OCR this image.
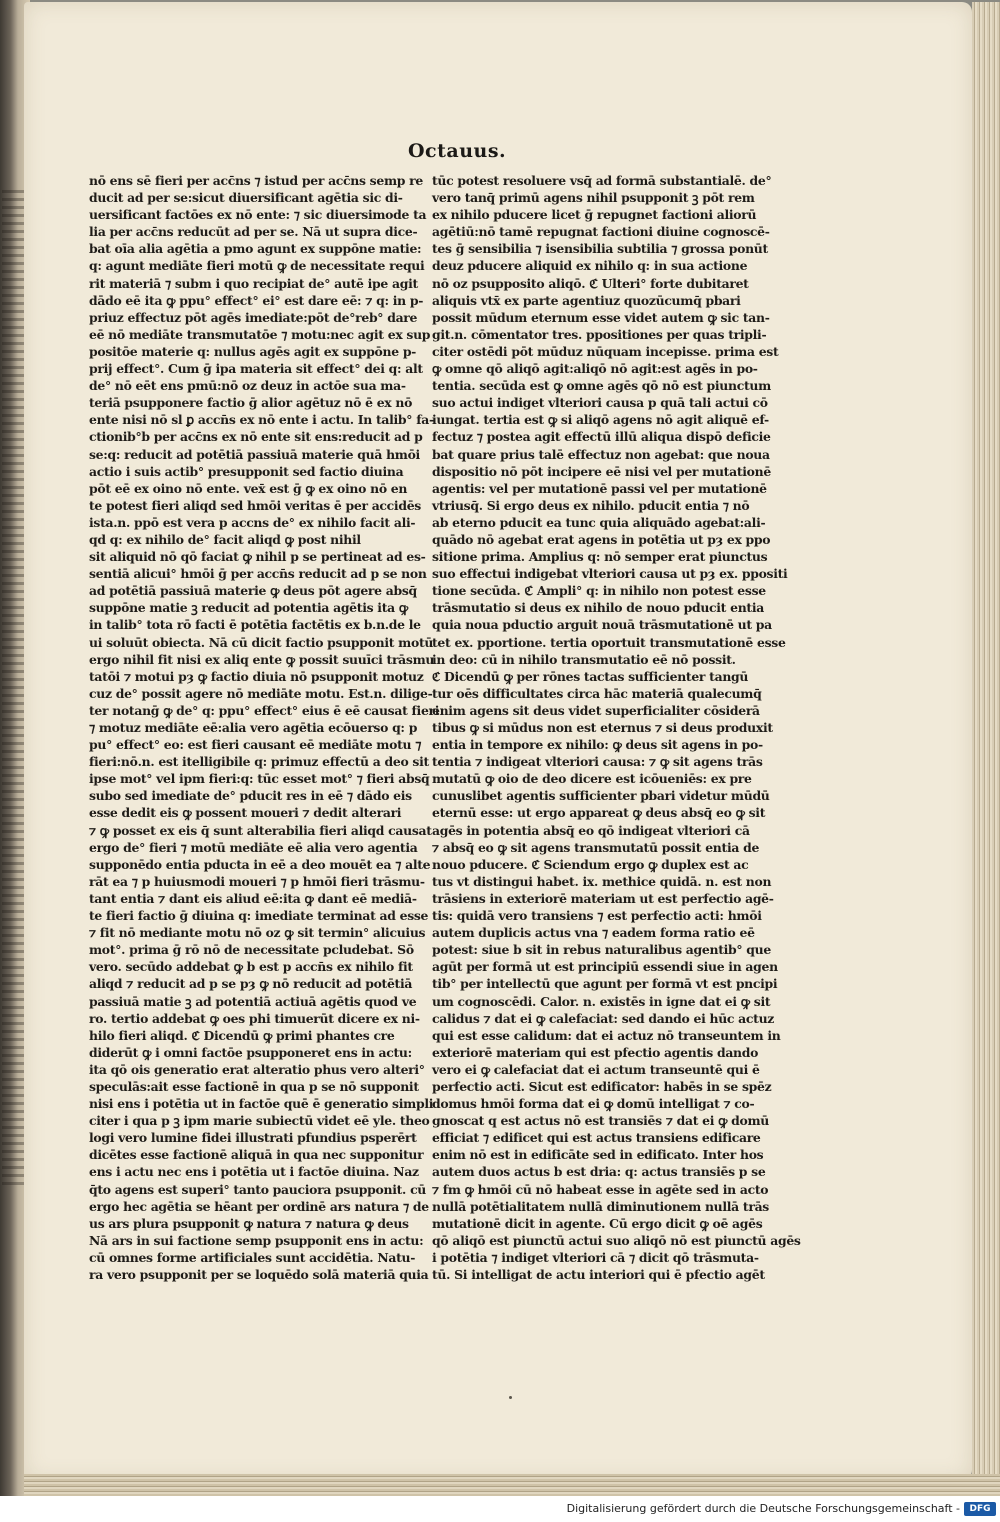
Octauus.
nō ens sē fieri per acc̄ns ⁊ istud per acc̄ns semp re
ducit ad per se:sicut diuersificant agētia sic di-
uersificant factōes ex nō ente: ⁊ sic diuersimode ta
lia per acc̄ns reducūt ad per se. Nā ut supra dice-
bat oīa alia agētia a pmo agunt ex suppōne matie:
q: agunt mediāte fieri motū ꝙ de necessitate requi
rit materiā ⁊ subm i quo recipiat de° autē ipe agit
dādo eē ita ꝙ ppu° effect° ei° est dare eē: ⁊ q: in p-
priuz effectuz pōt agēs imediate:pōt de°reb° dare
eē nō mediāte transmutatōe ⁊ motu:nec agit ex sup
positōe materie q: nullus agēs agit ex suppōne p-
prij effect°. Cum ḡ ipa materia sit effect° dei q: alt
de° nō eēt ens pmū:nō oz deuz in actōe sua ma-
teriā psupponere factio ḡ alior agētuz nō ē ex nō
ente nisi nō sl ꝑ accn̄s ex nō ente i actu. In talib° fa-
ctionib°b per acc̄ns ex nō ente sit ens:reducit ad p
se:q: reducit ad potētiā passiuā materie quā hmōi
actio i suis actib° presupponit sed factio diuina
pōt eē ex oino nō ente. vex̄ est ḡ ꝙ ex oino nō en
te potest fieri aliqd sed hmōi veritas ē per accidēs
ista.n. ppō est vera p accns de° ex nihilo facit ali-
qd q: ex nihilo de° facit aliqd ꝙ post nihil
sit aliquid nō qō faciat ꝙ nihil p se pertineat ad es-
sentiā alicui° hmōi ḡ per accn̄s reducit ad p se non
ad potētiā passiuā materie ꝙ deus pōt agere absq̄
suppōne matie ꝫ reducit ad potentia agētis ita ꝙ
in talib° tota rō facti ē potētia factētis ex b.n.de le
ui soluūt obiecta. Nā cū dicit factio psupponit motū
ergo nihil fit nisi ex aliq ente ꝙ possit suuīci trāsmu
tatōi ⁊ motui pȝ ꝙ factio diuia nō psupponit motuz
cuz de° possit agere nō mediāte motu. Est.n. dilige-
ter notanḡ ꝙ de° q: ppu° effect° eius ē eē causat fieri
⁊ motuz mediāte eē:alia vero agētia ecōuerso q: p
pu° effect° eo: est fieri causant eē mediāte motu ⁊
fieri:nō.n. est itelligibile q: primuz effectū a deo sit
ipse mot° vel ipm fieri:q: tūc esset mot° ⁊ fieri absq̄
subo sed imediate de° pducit res in eē ⁊ dādo eis
esse dedit eis ꝙ possent moueri ⁊ dedit alterari
⁊ ꝙ posset ex eis q̄ sunt alterabilia fieri aliqd causat
ergo de° fieri ⁊ motū mediāte eē alia vero agentia
supponēdo entia pducta in eē a deo mouēt ea ⁊ alte
rāt ea ⁊ p huiusmodi moueri ⁊ p hmōi fieri trāsmu-
tant entia ⁊ dant eis aliud eē:ita ꝙ dant eē mediā-
te fieri factio ḡ diuina q: imediate terminat ad esse
⁊ fit nō mediante motu nō oz ꝙ sit termin° alicuius
mot°. prima ḡ rō nō de necessitate pcludebat. Sō
vero. secūdo addebat ꝙ b est p accn̄s ex nihilo fit
aliqd ⁊ reducit ad p se pȝ ꝙ nō reducit ad potētiā
passiuā matie ꝫ ad potentiā actiuā agētis quod ve
ro. tertio addebat ꝙ oes phi timuerūt dicere ex ni-
hilo fieri aliqd. ℭ Dicendū ꝙ primi phantes cre
diderūt ꝙ i omni factōe psupponeret ens in actu:
ita qō ois generatio erat alteratio phus vero alteri°
speculās:ait esse factionē in qua p se nō supponit
nisi ens i potētia ut in factōe quē ē generatio simpli
citer i qua p ꝫ ipm marie subiectū videt eē yle. theo
logi vero lumine fidei illustrati pfundius psperērt
dicētes esse factionē aliquā in qua nec supponitur
ens i actu nec ens i potētia ut i factōe diuina. Naz
q̄to agens est superi° tanto pauciora psupponit. cū
ergo hec agētia se hēant per ordinē ars natura ⁊ de
us ars plura psupponit ꝙ natura ⁊ natura ꝙ deus
Nā ars in sui factione semp psupponit ens in actu:
cū omnes forme artificiales sunt accidētia. Natu-
ra vero psupponit per se loquēdo solā materiā quia
tūc potest resoluere vsq̄ ad formā substantialē. de°
vero tanq̄ primū agens nihil psupponit ꝫ pōt rem
ex nihilo pducere licet ḡ repugnet factioni aliorū
agētiū:nō tamē repugnat factioni diuine cognoscē-
tes ḡ sensibilia ⁊ isensibilia subtilia ⁊ grossa ponūt
deuz pducere aliquid ex nihilo q: in sua actione
nō oz psupposito aliqō. ℭ Ulteri° forte dubitaret
aliquis vtx̄ ex parte agentiuz quozūcumq̄ pbari
possit mūdum eternum esse videt autem ꝙ sic tan-
git.n. cōmentator tres. ppositiones per quas tripli-
citer ostēdi pōt mūduz nūquam incepisse. prima est
ꝙ omne qō aliqō agit:aliqō nō agit:est agēs in po-
tentia. secūda est ꝙ omne agēs qō nō est piunctum
suo actui indiget vlteriori causa p quā tali actui cō
iungat. tertia est ꝙ si aliqō agens nō agit aliquē ef-
fectuz ⁊ postea agit effectū illū aliqua dispō deficie
bat quare prius talē effectuz non agebat: que noua
dispositio nō pōt incipere eē nisi vel per mutationē
agentis: vel per mutationē passi vel per mutationē
vtriusq̄. Si ergo deus ex nihilo. pducit entia ⁊ nō
ab eterno pducit ea tunc quia aliquādo agebat:ali-
quādo nō agebat erat agens in potētia ut pȝ ex ppo
sitione prima. Amplius q: nō semper erat piunctus
suo effectui indigebat vlteriori causa ut pȝ ex. ppositi
tione secūda. ℭ Ampli° q: in nihilo non potest esse
trāsmutatio si deus ex nihilo de nouo pducit entia
quia noua pductio arguit nouā trāsmutationē ut pa
tet ex. pportione. tertia oportuit transmutationē esse
in deo: cū in nihilo transmutatio eē nō possit.
ℭ Dicendū ꝙ per rōnes tactas sufficienter tangū
tur oēs difficultates circa hāc materiā qualecumq̄
enim agens sit deus videt superficialiter cōsiderā
tibus ꝙ si mūdus non est eternus ⁊ si deus produxit
entia in tempore ex nihilo: ꝙ deus sit agens in po-
tentia ⁊ indigeat vlteriori causa: ⁊ ꝙ sit agens trās
mutatū ꝙ oio de deo dicere est icōueniēs: ex pre
cunuslibet agentis sufficienter pbari videtur mūdū
eternū esse: ut ergo appareat ꝙ deus absq̄ eo ꝙ sit
agēs in potentia absq̄ eo qō indigeat vlteriori cā
⁊ absq̄ eo ꝙ sit agens transmutatū possit entia de
nouo pducere. ℭ Sciendum ergo ꝙ duplex est ac
tus vt distingui habet. ix. methice quidā. n. est non
trāsiens in exteriorē materiam ut est perfectio agē-
tis: quidā vero transiens ⁊ est perfectio acti: hmōi
autem duplicis actus vna ⁊ eadem forma ratio eē
potest: siue b sit in rebus naturalibus agentib° que
agūt per formā ut est principiū essendi siue in agen
tib° per intellectū que agunt per formā vt est pncipi
um cognoscēdi. Calor. n. existēs in igne dat ei ꝙ sit
calidus ⁊ dat ei ꝙ calefaciat: sed dando ei hūc actuz
qui est esse calidum: dat ei actuz nō transeuntem in
exteriorē materiam qui est pfectio agentis dando
vero ei ꝙ calefaciat dat ei actum transeuntē qui ē
perfectio acti. Sicut est edificator: habēs in se spēz
domus hmōi forma dat ei ꝙ domū intelligat ⁊ co-
gnoscat q est actus nō est transiēs ⁊ dat ei ꝙ domū
efficiat ⁊ edificet qui est actus transiens edificare
enim nō est in edificāte sed in edificato. Inter hos
autem duos actus b est dria: q: actus transiēs p se
⁊ fm ꝙ hmōi cū nō habeat esse in agēte sed in acto
nullā potētialitatem nullā diminutionem nullā trās
mutationē dicit in agente. Cū ergo dicit ꝙ oē agēs
qō aliqō est piunctū actui suo aliqō nō est piunctū agēs
i potētia ⁊ indiget vlteriori cā ⁊ dicit qō trāsmuta-
tū. Si intelligat de actu interiori qui ē pfectio agēt
Digitalisierung gefördert durch die Deutsche Forschungsgemeinschaft -	DFG
